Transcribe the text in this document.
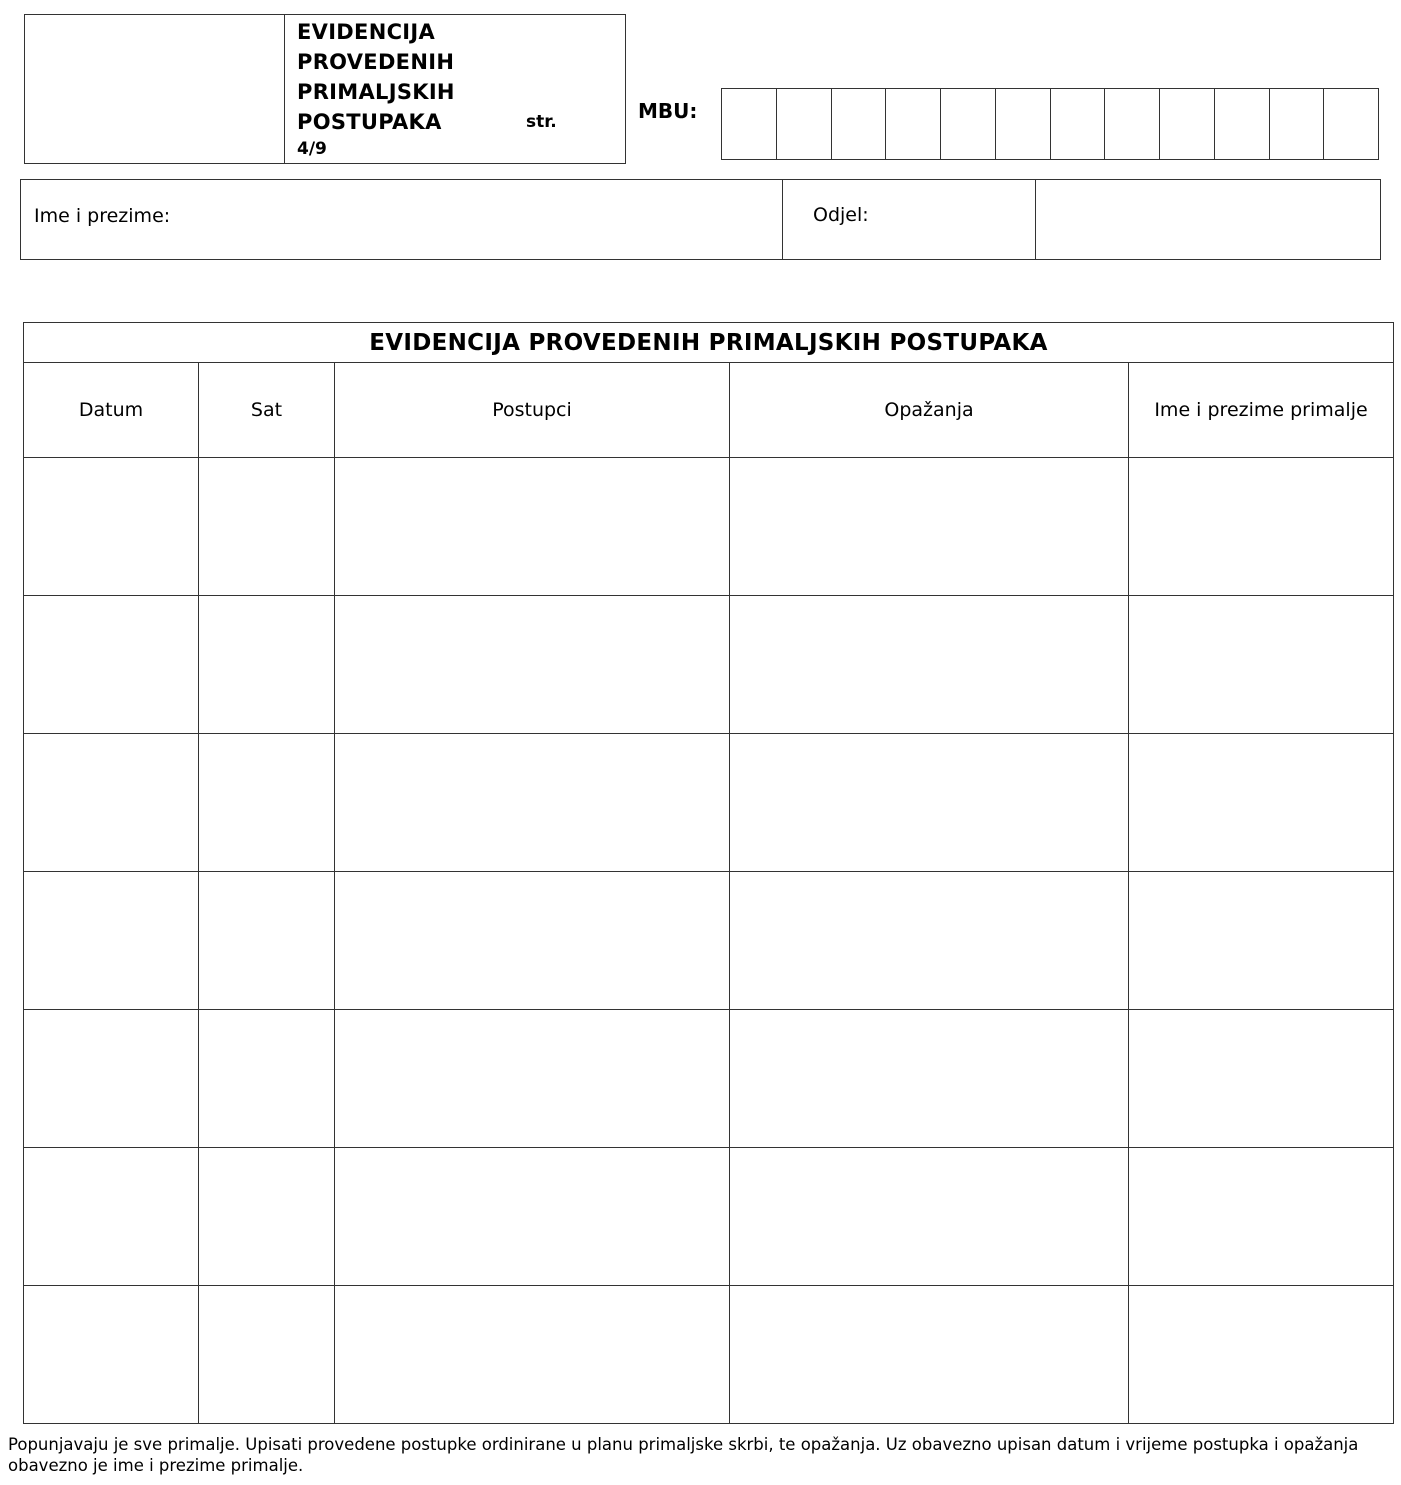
EVIDENCIJA
PROVEDENIH
PRIMALJSKIH
POSTUPAKA	str.
4/9
MBU:
Ime i prezime:	Odjel:
EVIDENCIJA PROVEDENIH PRIMALJSKIH POSTUPAKA				
Datum	Sat	Postupci	Opažanja	Ime i prezime primalje

Popunjavaju je sve primalje. Upisati provedene postupke ordinirane u planu primaljske skrbi, te opažanja. Uz obavezno upisan datum i vrijeme postupka i opažanja obavezno je ime i prezime primalje.
